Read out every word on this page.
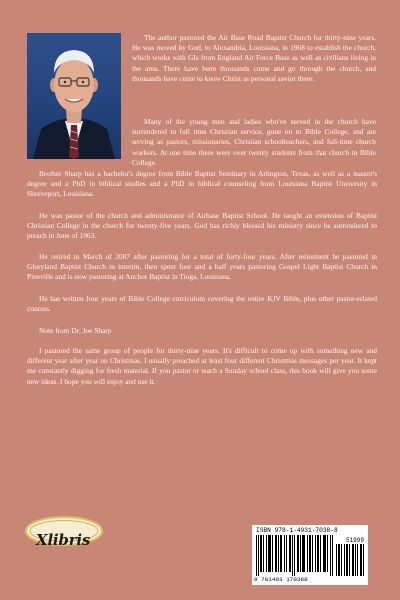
The author pastored the Air Base Road Baptist Church for thirty-nine years. He was moved by God, to Alexandria, Louisiana, in 1968 to establish the church, which works with GIs from England Air Force Base as well as civilians living in the area. There have been thousands come and go through the church, and thousands have come to know Christ as personal savior there.

Many of the young men and ladies who've served in the church have surrendered to full time Christian service, gone on to Bible College, and are serving as pastors, missionaries, Christian schoolteachers, and full-time church workers. At one time there were over twenty students from that church in Bible College.

Brother Sharp has a bachelor's degree from Bible Baptist Seminary in Arlington, Texas, as well as a master's degree and a PhD in biblical studies and a PhD in biblical counseling from Louisiana Baptist University in Shreveport, Louisiana.

He was pastor of the church and administrator of Airbase Baptist School. He taught an extension of Baptist Christian College in the church for twenty-five years. God has richly blessed his ministry since he surrendered to preach in June of 1963.

He retired in March of 2007 after pastoring for a total of forty-four years. After retirement he pastored in Gloryland Baptist Church in interim, then spent four and a half years pastoring Gospel Light Baptist Church in Pineville and is now pastoring at Anchor Baptist in Tioga, Louisiana.

He has written four years of Bible College curriculum covering the entire KJV Bible, plus other pastor-related courses.

Note from Dr. Joe Sharp

I pastored the same group of people for thirty-nine years. It's difficult to come up with something new and different year after year on Christmas. I usually preached at least four different Christmas messages per year. It kept me constantly digging for fresh material. If you pastor or teach a Sunday school class, this book will give you some new ideas. I hope you will enjoy and use it.

Xlibris
ISBN 978-1-4931-7038-8
51999
9 781493 170388
